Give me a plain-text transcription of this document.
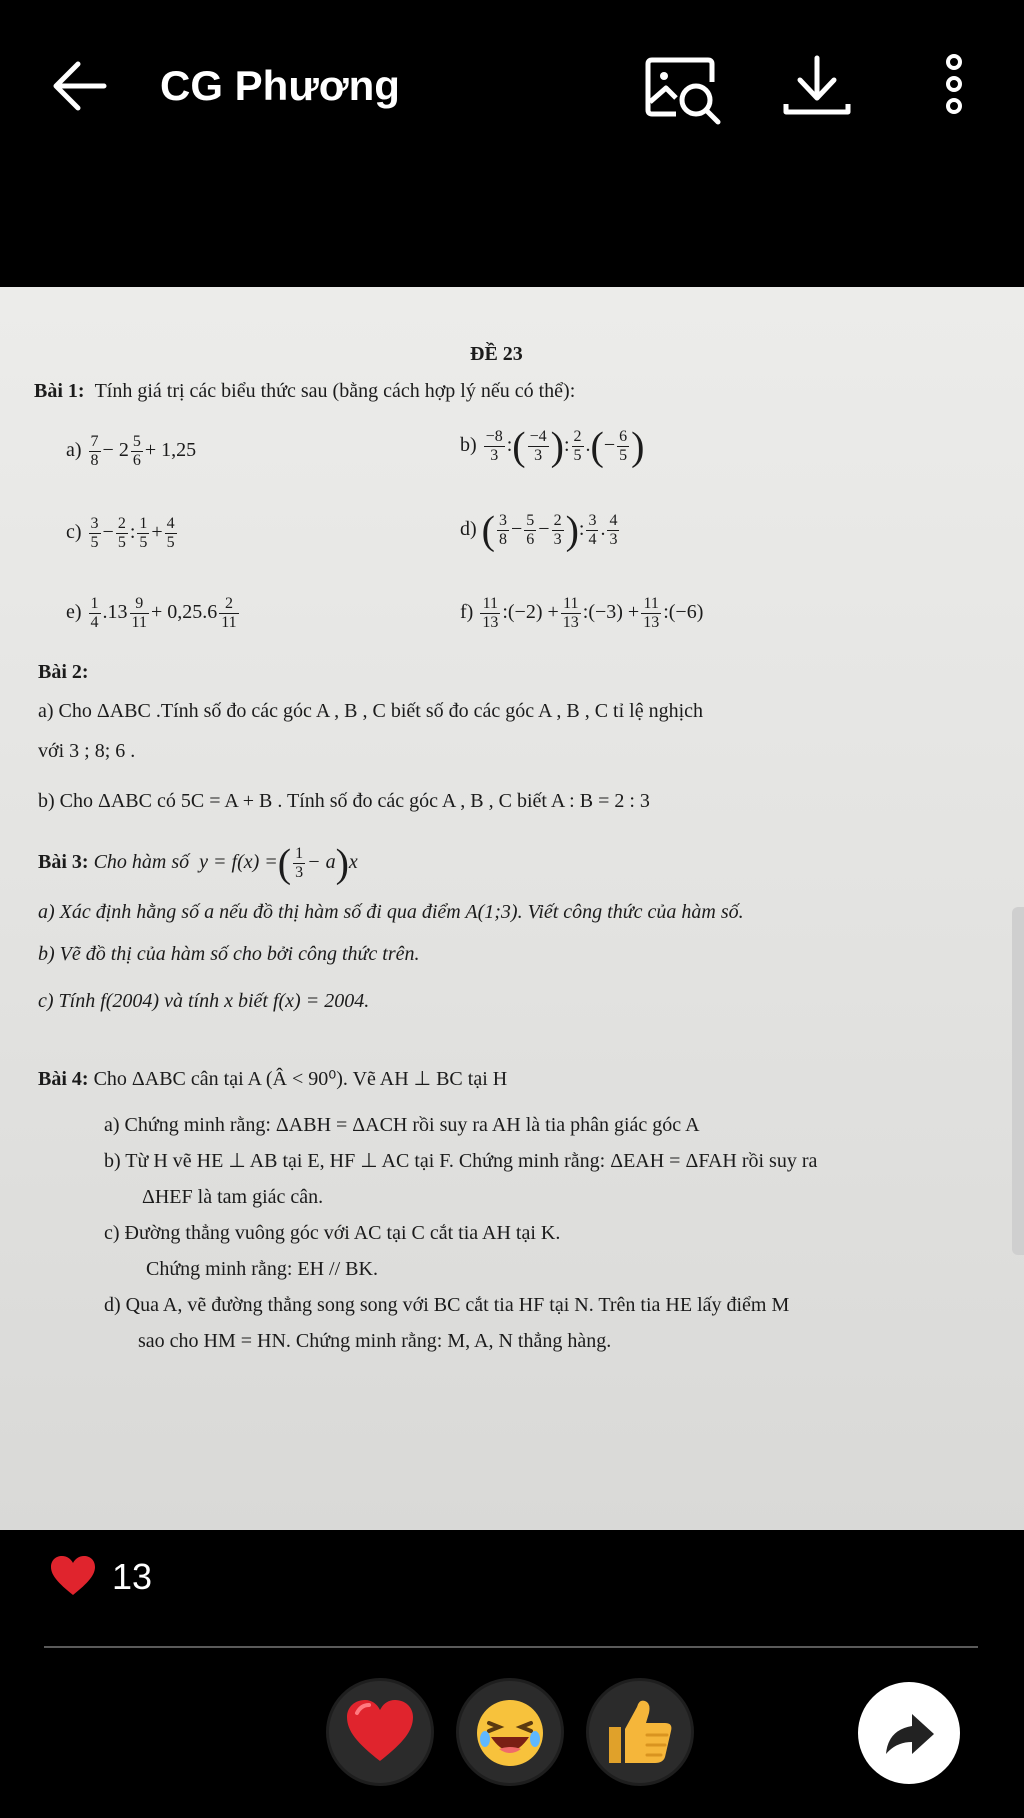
CG Phương
ĐỀ 23
Bài 1: Tính giá trị các biểu thức sau (bằng cách hợp lý nếu có thể):
$a) \frac{7}{8} - 2 \frac{5}{6} + 1,25$	$b) \frac{-8}{3}$ :( $\frac{-4}{3}$ ): $\frac{2}{5}$ .(− $\frac{6}{5}$ )
$c) \frac{3}{5} - \frac{2}{5}$ : $\frac{1}{5} + \frac{4}{5}$	d) ( $\frac{3}{8} - \frac{5}{6} - \frac{2}{3}$ ): $\frac{3}{4}$ . $\frac{4}{3}$
$e) \frac{1}{4} .13 \frac{9}{11} + 0,25.6 \frac{2}{11}$	$f) \frac{11}{13}$ :(−2) + $\frac{11}{13}$ :(−3) + $\frac{11}{13}$ :(−6)
Bài 2:
a) Cho ΔABC .Tính số đo các góc A , B , C biết số đo các góc A , B , C tỉ lệ nghịch
với 3 ; 8; 6 .
b) Cho ΔABC có 5C = A + B . Tính số đo các góc A , B , C biết A : B = 2 : 3
Bài 3: Cho hàm số y = f(x) =( $\frac{1}{3} - a)x$
a) Xác định hằng số a nếu đồ thị hàm số đi qua điểm A(1;3). Viết công thức của hàm số.
b) Vẽ đồ thị của hàm số cho bởi công thức trên.
c) Tính f(2004) và tính x biết f(x) = 2004.
Bài 4: Cho ΔABC cân tại A (Â < 90⁰). Vẽ AH ⊥ BC tại H
a) Chứng minh rằng: ΔABH = ΔACH rồi suy ra AH là tia phân giác góc A
b) Từ H vẽ HE ⊥ AB tại E, HF ⊥ AC tại F. Chứng minh rằng: ΔEAH = ΔFAH rồi suy ra
ΔHEF là tam giác cân.
c) Đường thẳng vuông góc với AC tại C cắt tia AH tại K.
Chứng minh rằng: EH // BK.
d) Qua A, vẽ đường thẳng song song với BC cắt tia HF tại N. Trên tia HE lấy điểm M
sao cho HM = HN. Chứng minh rằng: M, A, N thẳng hàng.
13
